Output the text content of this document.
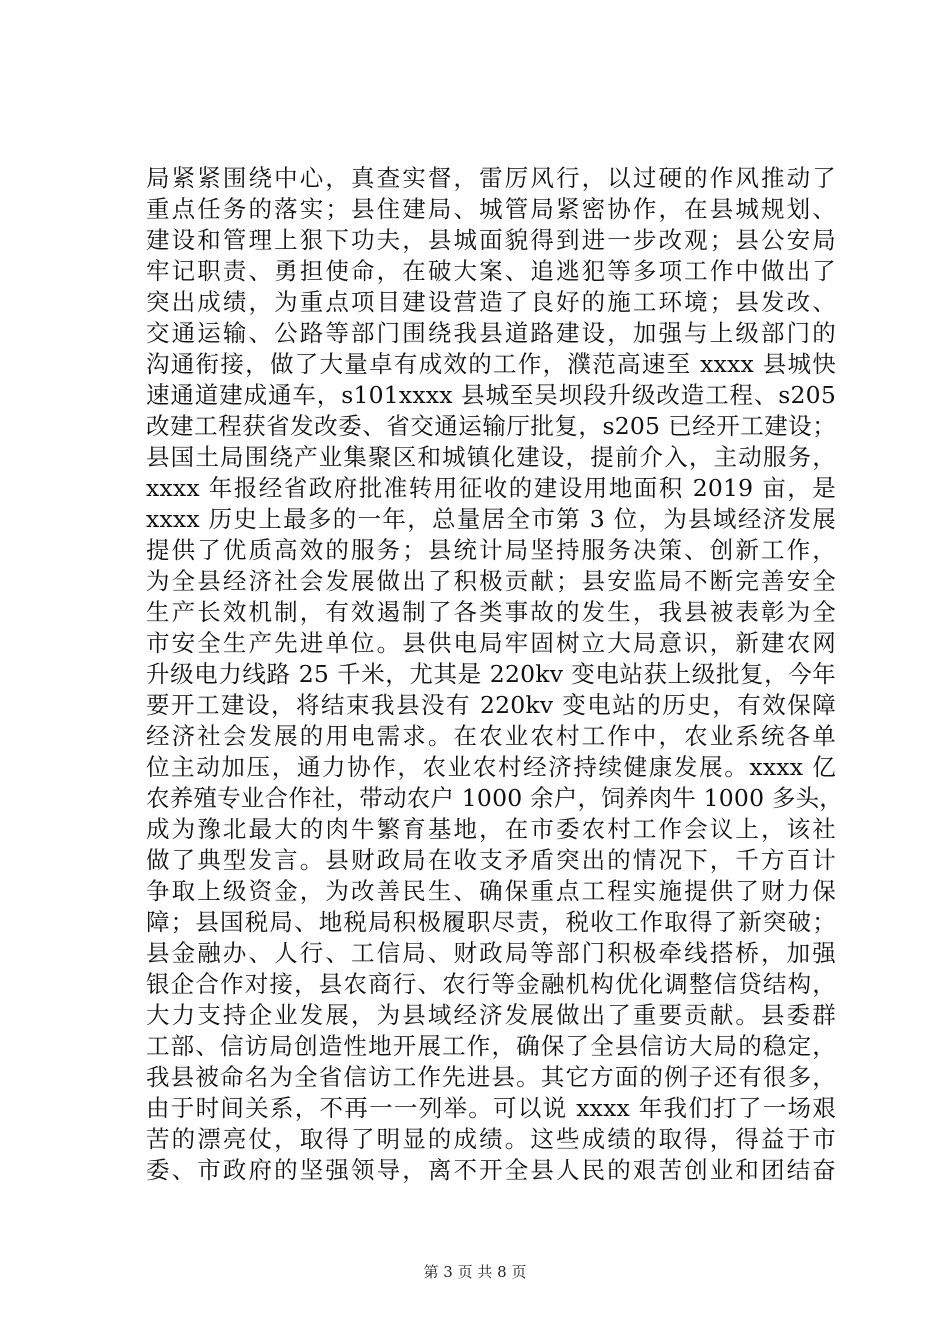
局紧紧围绕中心，真查实督，雷厉风行，以过硬的作风推动了
重点任务的落实；县住建局、城管局紧密协作，在县城规划、
建设和管理上狠下功夫，县城面貌得到进一步改观；县公安局
牢记职责、勇担使命，在破大案、追逃犯等多项工作中做出了
突出成绩，为重点项目建设营造了良好的施工环境；县发改、
交通运输、公路等部门围绕我县道路建设，加强与上级部门的
沟通衔接，做了大量卓有成效的工作，濮范高速至 xxxx 县城快
速通道建成通车，s101xxxx 县城至吴坝段升级改造工程、s205
改建工程获省发改委、省交通运输厅批复，s205 已经开工建设；
县国土局围绕产业集聚区和城镇化建设，提前介入，主动服务，
xxxx 年报经省政府批准转用征收的建设用地面积 2019 亩，是
xxxx 历史上最多的一年，总量居全市第 3 位，为县域经济发展
提供了优质高效的服务；县统计局坚持服务决策、创新工作，
为全县经济社会发展做出了积极贡献；县安监局不断完善安全
生产长效机制，有效遏制了各类事故的发生，我县被表彰为全
市安全生产先进单位。县供电局牢固树立大局意识，新建农网
升级电力线路 25 千米，尤其是 220kv 变电站获上级批复，今年
要开工建设，将结束我县没有 220kv 变电站的历史，有效保障
经济社会发展的用电需求。在农业农村工作中，农业系统各单
位主动加压，通力协作，农业农村经济持续健康发展。xxxx 亿
农养殖专业合作社，带动农户 1000 余户，饲养肉牛 1000 多头，
成为豫北最大的肉牛繁育基地，在市委农村工作会议上，该社
做了典型发言。县财政局在收支矛盾突出的情况下，千方百计
争取上级资金，为改善民生、确保重点工程实施提供了财力保
障；县国税局、地税局积极履职尽责，税收工作取得了新突破；
县金融办、人行、工信局、财政局等部门积极牵线搭桥，加强
银企合作对接，县农商行、农行等金融机构优化调整信贷结构，
大力支持企业发展，为县域经济发展做出了重要贡献。县委群
工部、信访局创造性地开展工作，确保了全县信访大局的稳定，
我县被命名为全省信访工作先进县。其它方面的例子还有很多，
由于时间关系，不再一一列举。可以说 xxxx 年我们打了一场艰
苦的漂亮仗，取得了明显的成绩。这些成绩的取得，得益于市
委、市政府的坚强领导，离不开全县人民的艰苦创业和团结奋
第 3 页 共 8 页
